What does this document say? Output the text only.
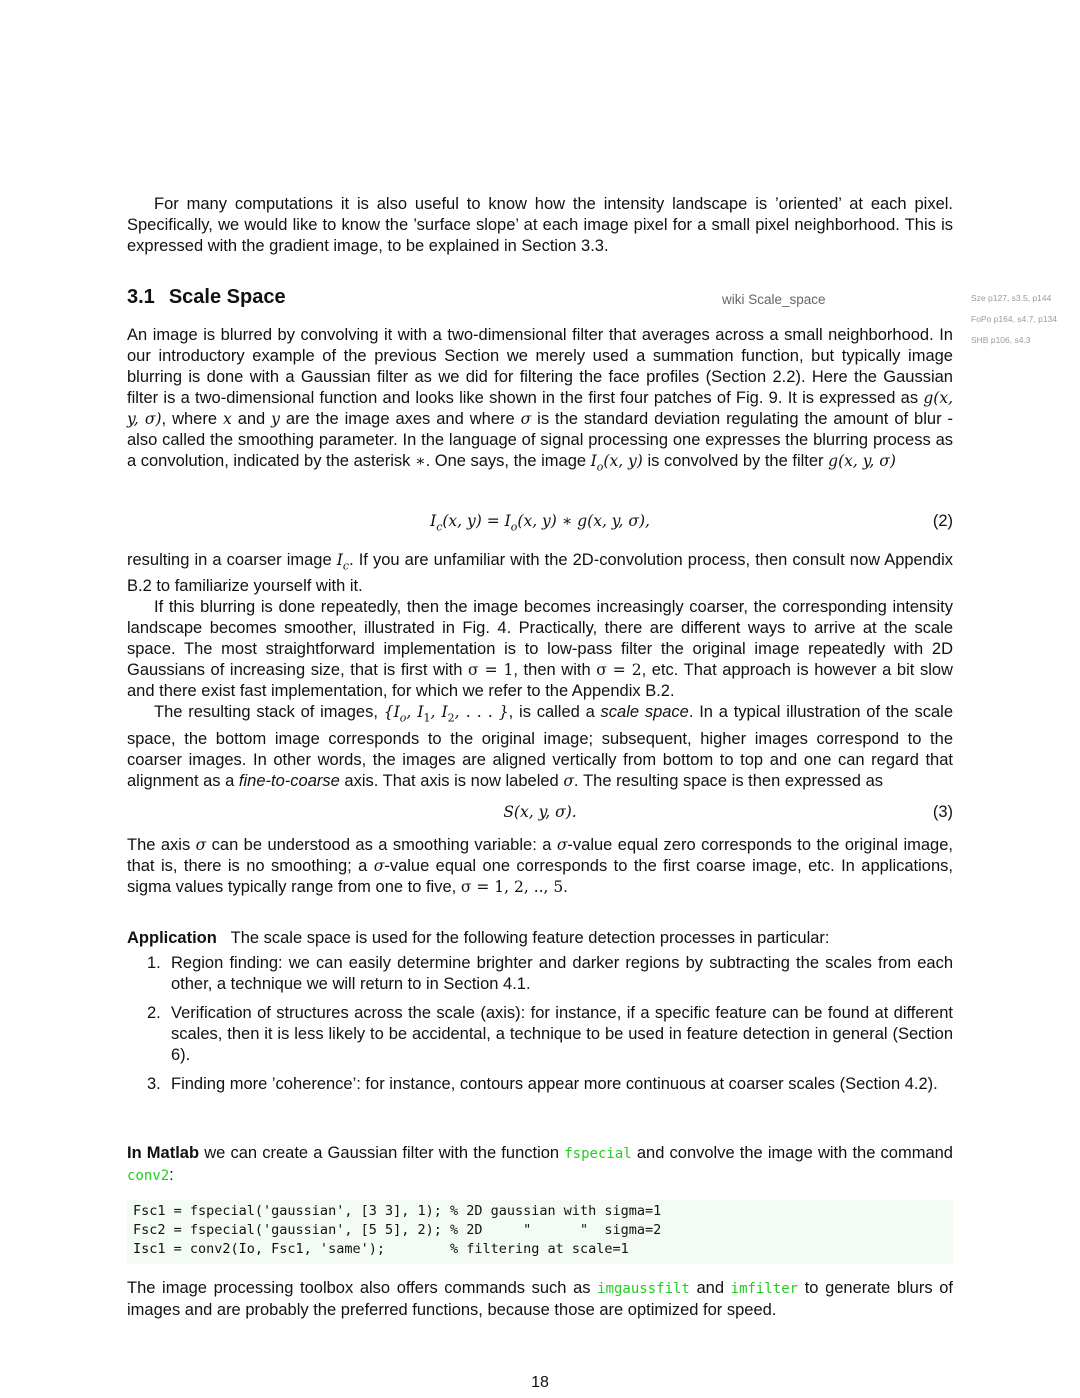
For many computations it is also useful to know how the intensity landscape is ’oriented’ at each pixel. Specifically, we would like to know the ’surface slope’ at each image pixel for a small pixel neighborhood. This is expressed with the gradient image, to be explained in Section 3.3.

3.1 Scale Space	wiki Scale_space	Sze p127, s3.5, p144
FoPo p164, s4.7, p134
SHB p106, s4.3

An image is blurred by convolving it with a two-dimensional filter that averages across a small neighborhood. In our introductory example of the previous Section we merely used a summation function, but typically image blurring is done with a Gaussian filter as we did for filtering the face profiles (Section 2.2). Here the Gaussian filter is a two-dimensional function and looks like shown in the first four patches of Fig. 9. It is expressed as g(x, y, σ), where x and y are the image axes and where σ is the standard deviation regulating the amount of blur - also called the smoothing parameter. In the language of signal processing one expresses the blurring process as a convolution, indicated by the asterisk ∗. One says, the image $I_o(x$, y) is convolved by the filter g(x, y, σ)

$I_c(x$, $y) = I_o(x$, y) ∗ g(x, y, σ),	(2)

resulting in a coarser image $I_c$. If you are unfamiliar with the 2D-convolution process, then consult now Appendix B.2 to familiarize yourself with it.

If this blurring is done repeatedly, then the image becomes increasingly coarser, the corresponding intensity landscape becomes smoother, illustrated in Fig. 4. Practically, there are different ways to arrive at the scale space. The most straightforward implementation is to low-pass filter the original image repeatedly with 2D Gaussians of increasing size, that is first with σ = 1, then with σ = 2, etc. That approach is however a bit slow and there exist fast implementation, for which we refer to the Appendix B.2.

The resulting stack of images, {$I_o$, $I_1$, $I_2$, . . . }, is called a scale space. In a typical illustration of the scale space, the bottom image corresponds to the original image; subsequent, higher images correspond to the coarser images. In other words, the images are aligned vertically from bottom to top and one can regard that alignment as a fine-to-coarse axis. That axis is now labeled σ. The resulting space is then expressed as

S(x, y, σ).	(3)

The axis σ can be understood as a smoothing variable: a σ-value equal zero corresponds to the original image, that is, there is no smoothing; a σ-value equal one corresponds to the first coarse image, etc. In applications, sigma values typically range from one to five, σ = 1, 2, .., 5.

Application The scale space is used for the following feature detection processes in particular:

1. Region finding: we can easily determine brighter and darker regions by subtracting the scales from each other, a technique we will return to in Section 4.1.
2. Verification of structures across the scale (axis): for instance, if a specific feature can be found at different scales, then it is less likely to be accidental, a technique to be used in feature detection in general (Section 6).
3. Finding more ’coherence’: for instance, contours appear more continuous at coarser scales (Section 4.2).

In Matlab we can create a Gaussian filter with the function fspecial and convolve the image with the command conv2:

Fsc1 = fspecial('gaussian', [3 3], 1); % 2D gaussian with sigma=1
Fsc2 = fspecial('gaussian', [5 5], 2); % 2D     "      "  sigma=2
Isc1 = conv2(Io, Fsc1, 'same');        % filtering at scale=1

The image processing toolbox also offers commands such as imgaussfilt and imfilter to generate blurs of images and are probably the preferred functions, because those are optimized for speed.

18
